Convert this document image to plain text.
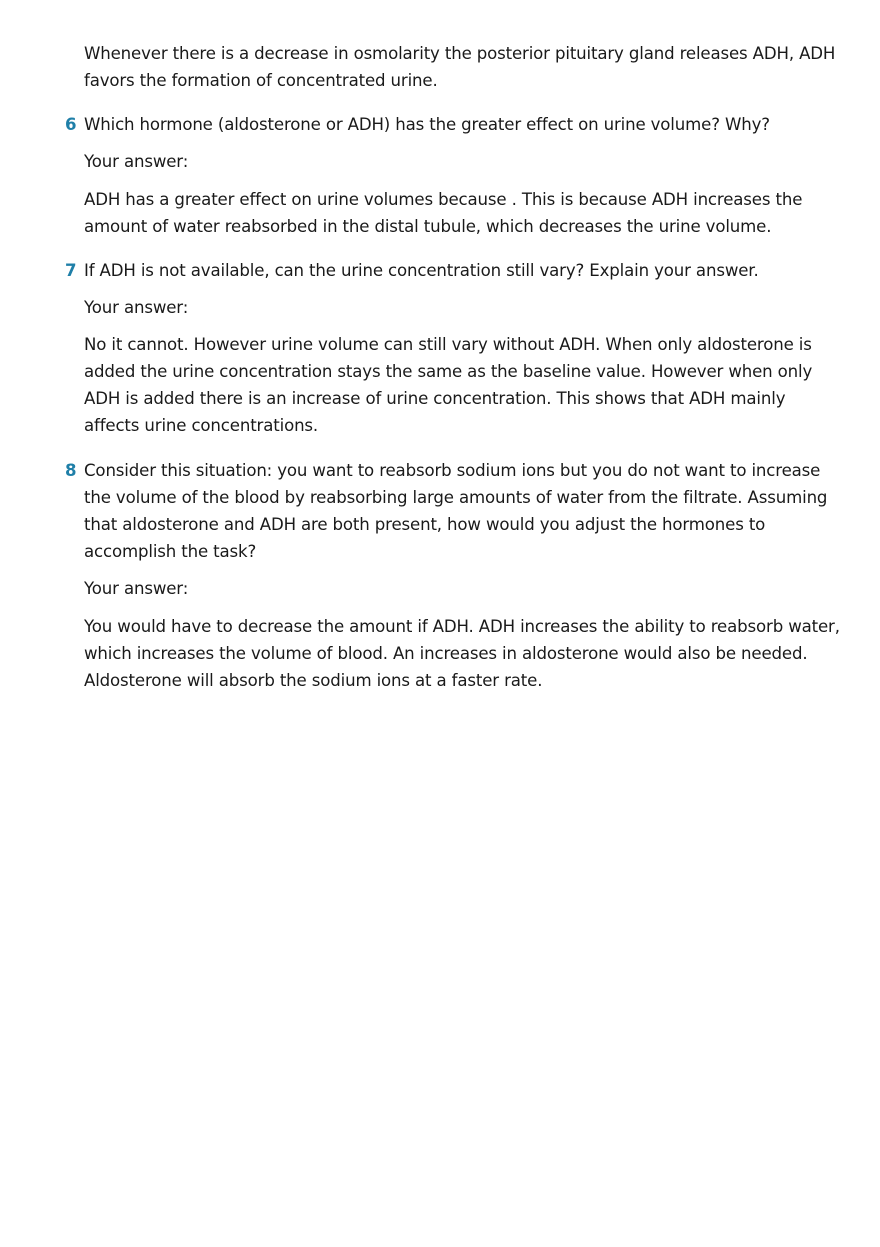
Whenever there is a decrease in osmolarity the posterior pituitary gland releases ADH, ADH favors the formation of concentrated urine.

6 Which hormone (aldosterone or ADH) has the greater effect on urine volume? Why?

Your answer:

ADH has a greater effect on urine volumes because . This is because ADH increases the amount of water reabsorbed in the distal tubule, which decreases the urine volume.

7 If ADH is not available, can the urine concentration still vary? Explain your answer.

Your answer:

No it cannot. However urine volume can still vary without ADH. When only aldosterone is added the urine concentration stays the same as the baseline value. However when only ADH is added there is an increase of urine concentration. This shows that ADH mainly affects urine concentrations.

8 Consider this situation: you want to reabsorb sodium ions but you do not want to increase the volume of the blood by reabsorbing large amounts of water from the filtrate. Assuming that aldosterone and ADH are both present, how would you adjust the hormones to accomplish the task?

Your answer:

You would have to decrease the amount if ADH. ADH increases the ability to reabsorb water, which increases the volume of blood. An increases in aldosterone would also be needed. Aldosterone will absorb the sodium ions at a faster rate.
